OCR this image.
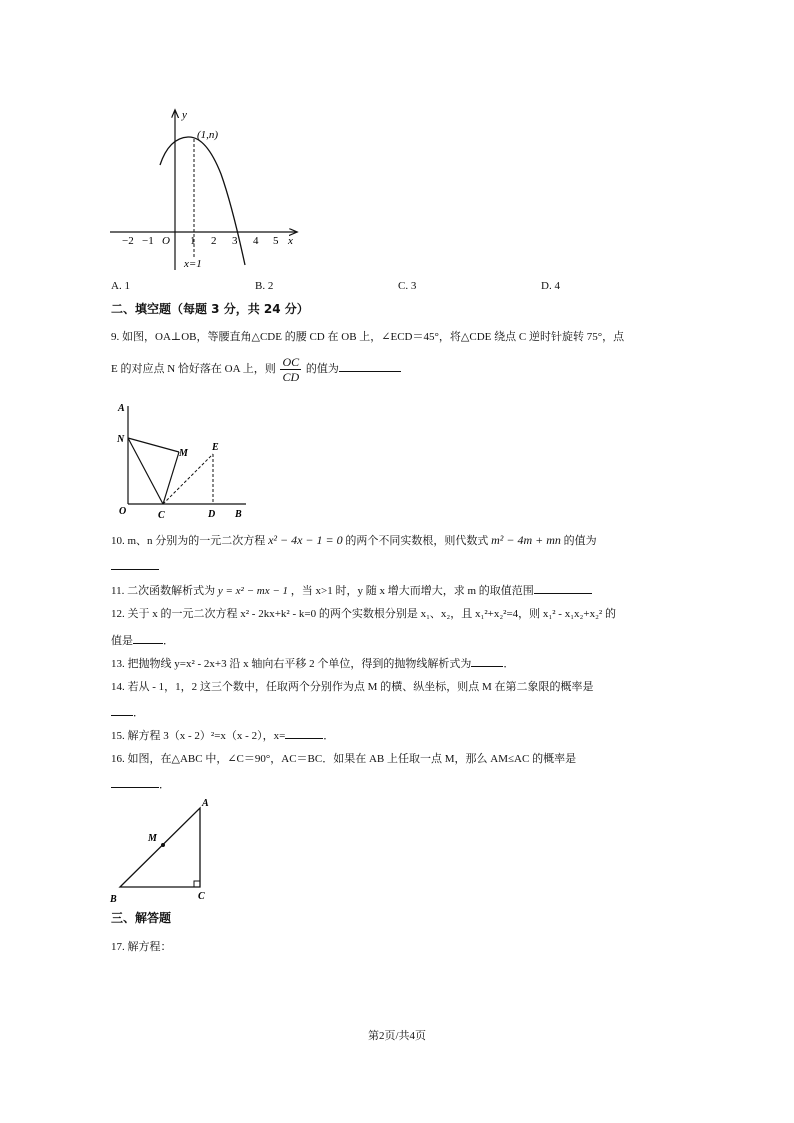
y
x
(1,n)
O
−2 −1	1 2 3 4 5
x=1
A. 1	B. 2	C. 3	D. 4
二、填空题（每题 3 分，共 24 分）
9. 如图，OA⊥OB，等腰直角△CDE 的腰 CD 在 OB 上，∠ECD＝45°，将△CDE 绕点 C 逆时针旋转 75°，点
E 的对应点 N 恰好落在 OA 上，则 $\frac{OC}{CD}$ 的值为
A
N
M
E
O	C	D B
10. m、n 分别为的一元二次方程 x² − 4x − 1 = 0 的两个不同实数根，则代数式 m² − 4m + mn 的值为
11. 二次函数解析式为 y = x² − mx − 1 ，当 x>1 时，y 随 x 增大而增大，求 m 的取值范围
12. 关于 x 的一元二次方程 x² - 2kx+k² - k=0 的两个实数根分别是 x₁、x₂，且 x₁²+x₂²=4，则 x₁² - x₁x₂+x₂² 的
值是	．
13. 把抛物线 y=x² - 2x+3 沿 x 轴向右平移 2 个单位，得到的抛物线解析式为	．
14. 若从 - 1，1，2 这三个数中，任取两个分别作为点 M 的横、纵坐标，则点 M 在第二象限的概率是
．
15. 解方程 3（x - 2）²=x（x - 2），x=	．
16. 如图，在△ABC 中，∠C＝90°，AC＝BC．如果在 AB 上任取一点 M，那么 AM≤AC 的概率是
．
A
M
B	C
三、解答题
17. 解方程：
第2页/共4页
